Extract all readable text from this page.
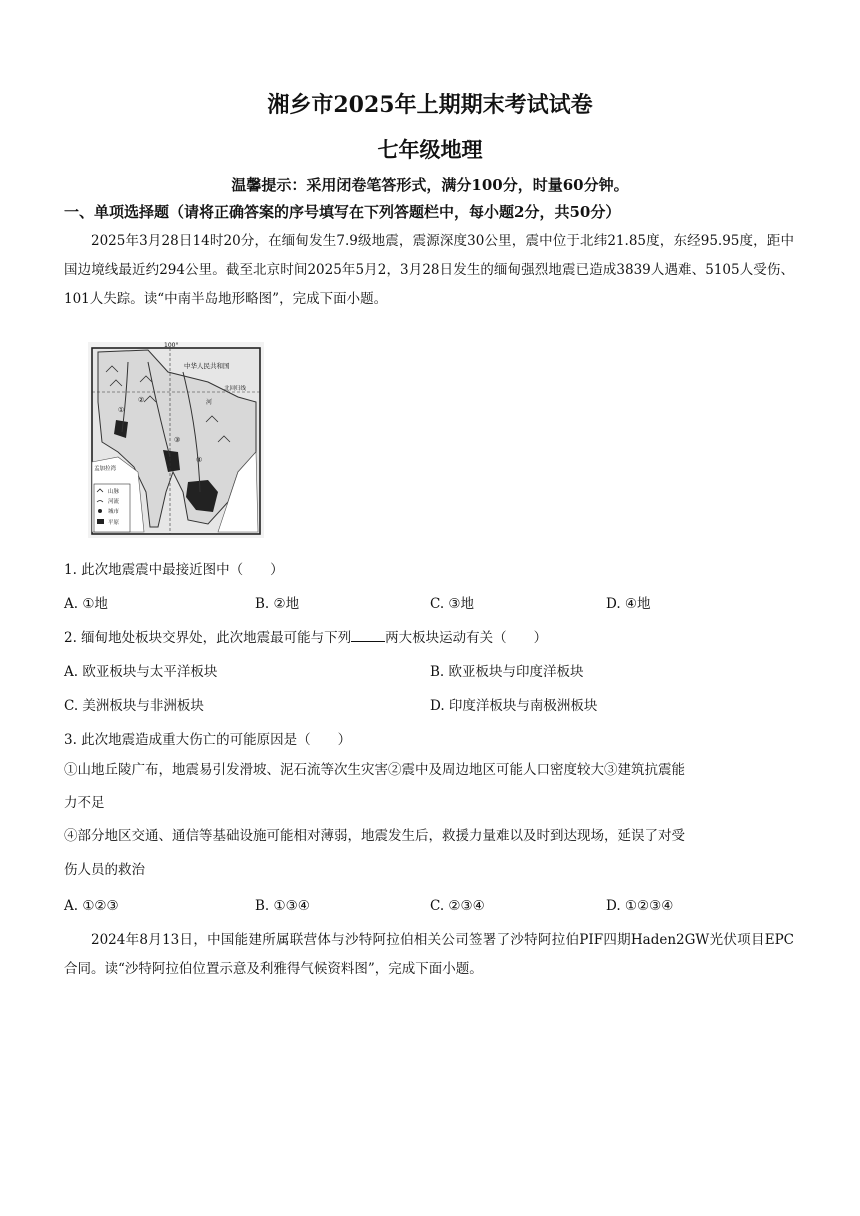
湘乡市2025年上期期末考试试卷
七年级地理
温馨提示：采用闭卷笔答形式，满分100分，时量60分钟。
一、单项选择题（请将正确答案的序号填写在下列答题栏中，每小题2分，共50分）

2025年3月28日14时20分，在缅甸发生7.9级地震，震源深度30公里，震中位于北纬21.85度，东经95.95度，距中国边境线最近约294公里。截至北京时间2025年5月2，3月28日发生的缅甸强烈地震已造成3839人遇难、5105人受伤、101人失踪。读“中南半岛地形略图”，完成下面小题。

100°
中华人民共和国
北回归线
孟加拉湾
河
①
②
③
④
山脉
河流
城市
平原

1. 此次地震震中最接近图中（　　）

A. ①地	B. ②地	C. ③地	D. ④地

2. 缅甸地处板块交界处，此次地震最可能与下列	两大板块运动有关（　　）

A. 欧亚板块与太平洋板块	B. 欧亚板块与印度洋板块
C. 美洲板块与非洲板块	D. 印度洋板块与南极洲板块

3. 此次地震造成重大伤亡的可能原因是（　　）

①山地丘陵广布，地震易引发滑坡、泥石流等次生灾害②震中及周边地区可能人口密度较大③建筑抗震能

力不足

④部分地区交通、通信等基础设施可能相对薄弱，地震发生后，救援力量难以及时到达现场，延误了对受

伤人员的救治

A. ①②③	B. ①③④	C. ②③④	D. ①②③④

2024年8月13日，中国能建所属联营体与沙特阿拉伯相关公司签署了沙特阿拉伯PIF四期Haden2GW光伏项目EPC合同。读“沙特阿拉伯位置示意及利雅得气候资料图”，完成下面小题。
